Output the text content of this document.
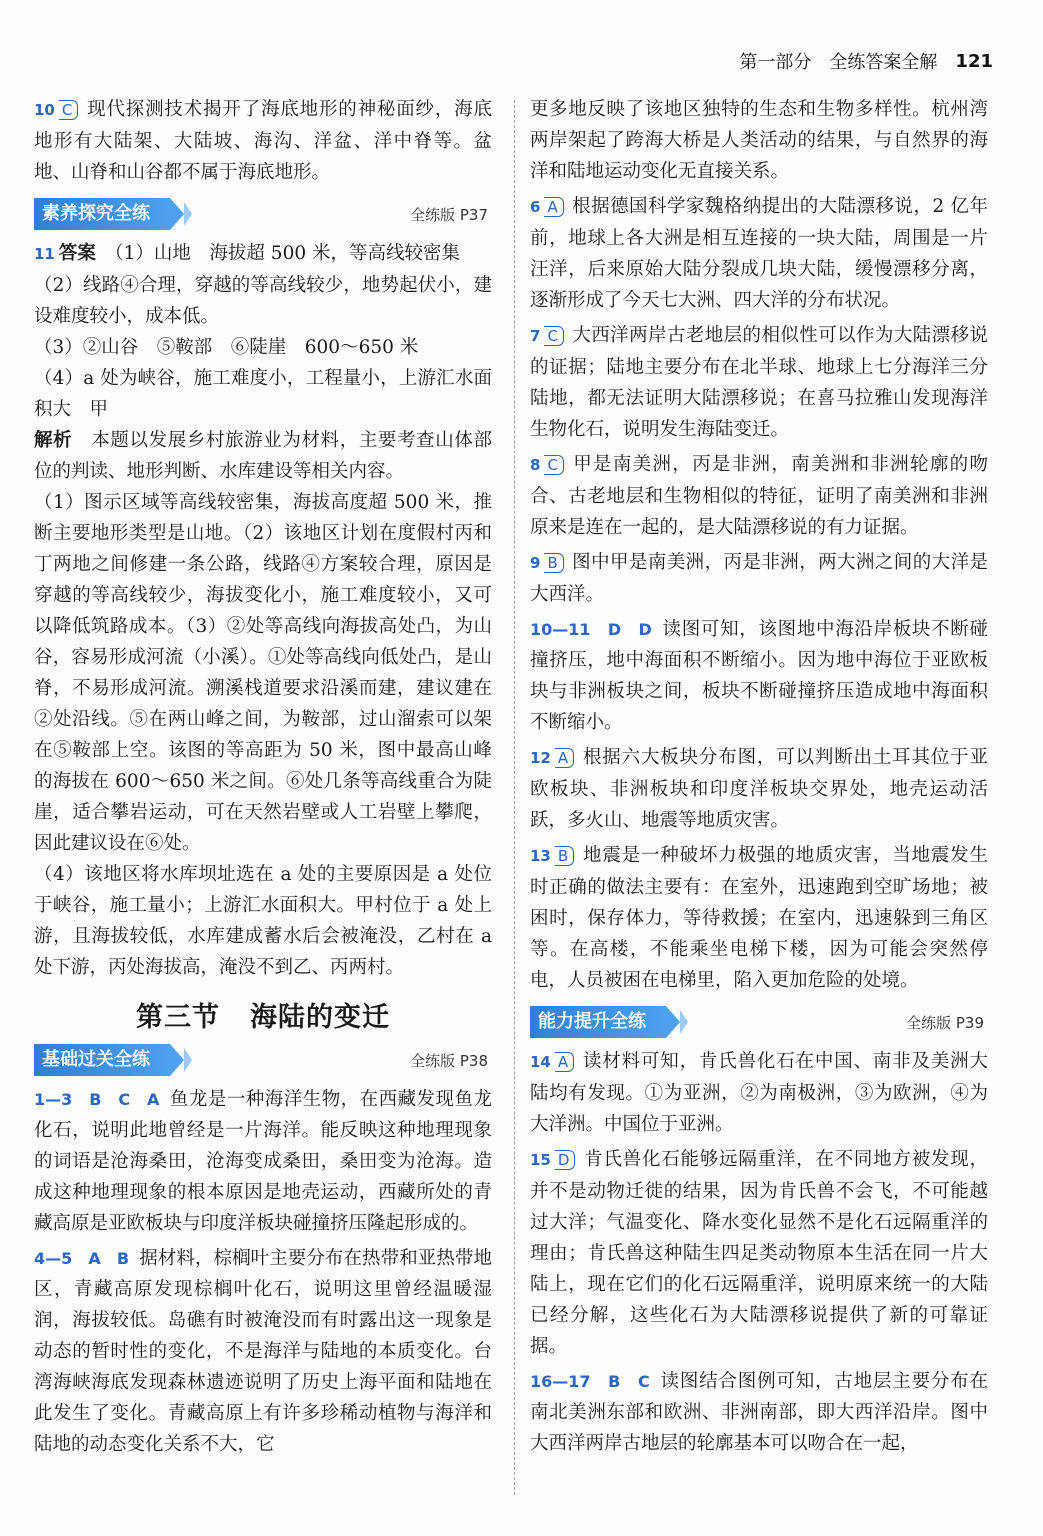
第一部分 全练答案全解 121

10 C 现代探测技术揭开了海底地形的神秘面纱，海底地形有大陆架、大陆坡、海沟、洋盆、洋中脊等。盆地、山脊和山谷都不属于海底地形。

素养探究全练	全练版 P37

11 答案　 （1）山地　海拔超 500 米，等高线较密集

（2）线路④合理，穿越的等高线较少，地势起伏小，建设难度较小，成本低。

（3）②山谷　⑤鞍部　⑥陡崖　600～650 米

（4）a 处为峡谷，施工难度小，工程量小，上游汇水面积大　甲

解析　 本题以发展乡村旅游业为材料，主要考查山体部位的判读、地形判断、水库建设等相关内容。

（1）图示区域等高线较密集，海拔高度超 500 米，推断主要地形类型是山地。（2）该地区计划在度假村丙和丁两地之间修建一条公路，线路④方案较合理，原因是穿越的等高线较少，海拔变化小，施工难度较小，又可以降低筑路成本。（3）②处等高线向海拔高处凸，为山谷，容易形成河流（小溪）。①处等高线向低处凸，是山脊，不易形成河流。溯溪栈道要求沿溪而建，建议建在②处沿线。⑤在两山峰之间，为鞍部，过山溜索可以架在⑤鞍部上空。该图的等高距为 50 米，图中最高山峰的海拔在 600～650 米之间。⑥处几条等高线重合为陡崖，适合攀岩运动，可在天然岩壁或人工岩壁上攀爬，因此建议设在⑥处。

（4）该地区将水库坝址选在 a 处的主要原因是 a 处位于峡谷，施工量小；上游汇水面积大。甲村位于 a 处上游，且海拔较低，水库建成蓄水后会被淹没，乙村在 a 处下游，丙处海拔高，淹没不到乙、丙两村。

第三节 海陆的变迁
基础过关全练	全练版 P38

1—3　B　C　A 鱼龙是一种海洋生物，在西藏发现鱼龙化石，说明此地曾经是一片海洋。能反映这种地理现象的词语是沧海桑田，沧海变成桑田，桑田变为沧海。造成这种地理现象的根本原因是地壳运动，西藏所处的青藏高原是亚欧板块与印度洋板块碰撞挤压隆起形成的。

4—5　A　B 据材料，棕榈叶主要分布在热带和亚热带地区，青藏高原发现棕榈叶化石，说明这里曾经温暖湿润，海拔较低。岛礁有时被淹没而有时露出这一现象是动态的暂时性的变化，不是海洋与陆地的本质变化。台湾海峡海底发现森林遗迹说明了历史上海平面和陆地在此发生了变化。青藏高原上有许多珍稀动植物与海洋和陆地的动态变化关系不大，它

更多地反映了该地区独特的生态和生物多样性。杭州湾两岸架起了跨海大桥是人类活动的结果，与自然界的海洋和陆地运动变化无直接关系。

6 A 根据德国科学家魏格纳提出的大陆漂移说，2 亿年前，地球上各大洲是相互连接的一块大陆，周围是一片汪洋，后来原始大陆分裂成几块大陆，缓慢漂移分离，逐渐形成了今天七大洲、四大洋的分布状况。

7 C 大西洋两岸古老地层的相似性可以作为大陆漂移说的证据；陆地主要分布在北半球、地球上七分海洋三分陆地，都无法证明大陆漂移说；在喜马拉雅山发现海洋生物化石，说明发生海陆变迁。

8 C 甲是南美洲，丙是非洲，南美洲和非洲轮廓的吻合、古老地层和生物相似的特征，证明了南美洲和非洲原来是连在一起的，是大陆漂移说的有力证据。

9 B 图中甲是南美洲，丙是非洲，两大洲之间的大洋是大西洋。

10—11　D　D 读图可知，该图地中海沿岸板块不断碰撞挤压，地中海面积不断缩小。因为地中海位于亚欧板块与非洲板块之间，板块不断碰撞挤压造成地中海面积不断缩小。

12 A 根据六大板块分布图，可以判断出土耳其位于亚欧板块、非洲板块和印度洋板块交界处，地壳运动活跃，多火山、地震等地质灾害。

13 B 地震是一种破坏力极强的地质灾害，当地震发生时正确的做法主要有：在室外，迅速跑到空旷场地；被困时，保存体力，等待救援；在室内，迅速躲到三角区等。在高楼，不能乘坐电梯下楼，因为可能会突然停电，人员被困在电梯里，陷入更加危险的处境。

能力提升全练	全练版 P39

14 A 读材料可知，肯氏兽化石在中国、南非及美洲大陆均有发现。①为亚洲，②为南极洲，③为欧洲，④为大洋洲。中国位于亚洲。

15 D 肯氏兽化石能够远隔重洋，在不同地方被发现，并不是动物迁徙的结果，因为肯氏兽不会飞，不可能越过大洋；气温变化、降水变化显然不是化石远隔重洋的理由；肯氏兽这种陆生四足类动物原本生活在同一片大陆上，现在它们的化石远隔重洋，说明原来统一的大陆已经分解，这些化石为大陆漂移说提供了新的可靠证据。

16—17　B　C 读图结合图例可知，古地层主要分布在南北美洲东部和欧洲、非洲南部，即大西洋沿岸。图中大西洋两岸古地层的轮廓基本可以吻合在一起，
